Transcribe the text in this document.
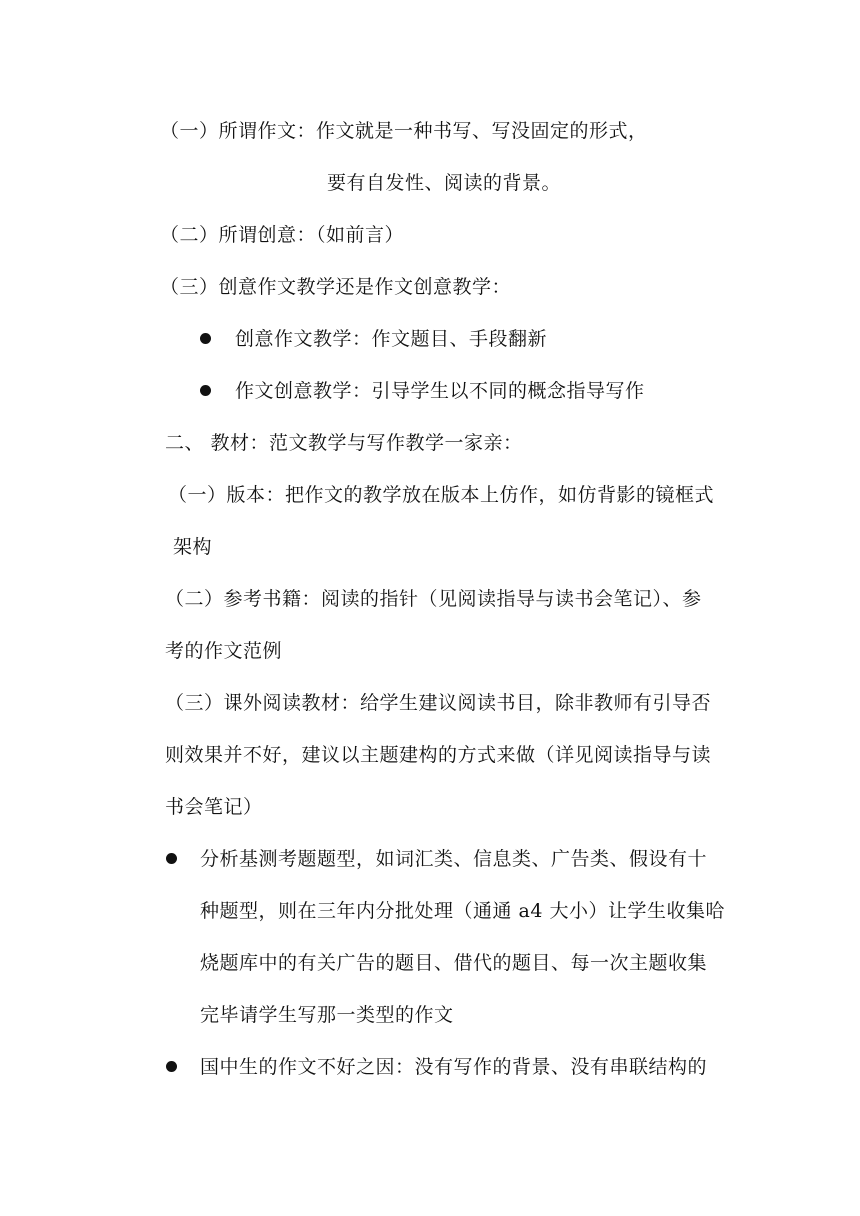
（一）所谓作文：作文就是一种书写、写没固定的形式，
要有自发性、阅读的背景。
（二）所谓创意：（如前言）
（三）创意作文教学还是作文创意教学：
创意作文教学：作文题目、手段翻新
作文创意教学：引导学生以不同的概念指导写作
二、 教材：范文教学与写作教学一家亲：
（一）版本：把作文的教学放在版本上仿作，如仿背影的镜框式
架构
（二）参考书籍：阅读的指针（见阅读指导与读书会笔记）、参
考的作文范例
（三）课外阅读教材：给学生建议阅读书目，除非教师有引导否
则效果并不好，建议以主题建构的方式来做（详见阅读指导与读
书会笔记）
分析基测考题题型，如词汇类、信息类、广告类、假设有十
种题型，则在三年内分批处理（通通 a4 大小）让学生收集哈
烧题库中的有关广告的题目、借代的题目、每一次主题收集
完毕请学生写那一类型的作文
国中生的作文不好之因：没有写作的背景、没有串联结构的
